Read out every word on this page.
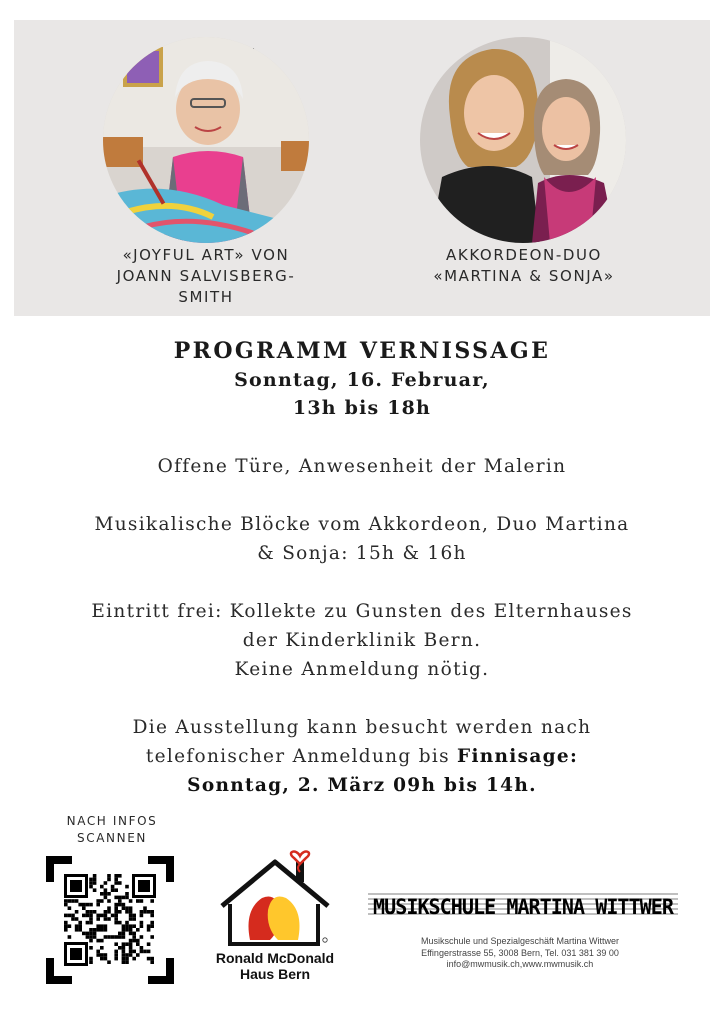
«JOYFUL ART» VON
JOANN SALVISBERG-
SMITH
AKKORDEON-DUO
«MARTINA & SONJA»
PROGRAMM VERNISSAGE
Sonntag, 16. Februar,
13h bis 18h
Offene Türe, Anwesenheit der Malerin
Musikalische Blöcke vom Akkordeon, Duo Martina
& Sonja: 15h & 16h
Eintritt frei: Kollekte zu Gunsten des Elternhauses
der Kinderklinik Bern.
Keine Anmeldung nötig.
Die Ausstellung kann besucht werden nach
telefonischer Anmeldung bis Finnisage:
Sonntag, 2. März 09h bis 14h.
NACH INFOS
SCANNEN
Ronald McDonald
Haus Bern
MUSIKSCHULE MARTINA WITTWER
Musikschule und Spezialgeschäft Martina Wittwer
Effingerstrasse 55, 3008 Bern, Tel. 031 381 39 00
info@mwmusik.ch,www.mwmusik.ch
